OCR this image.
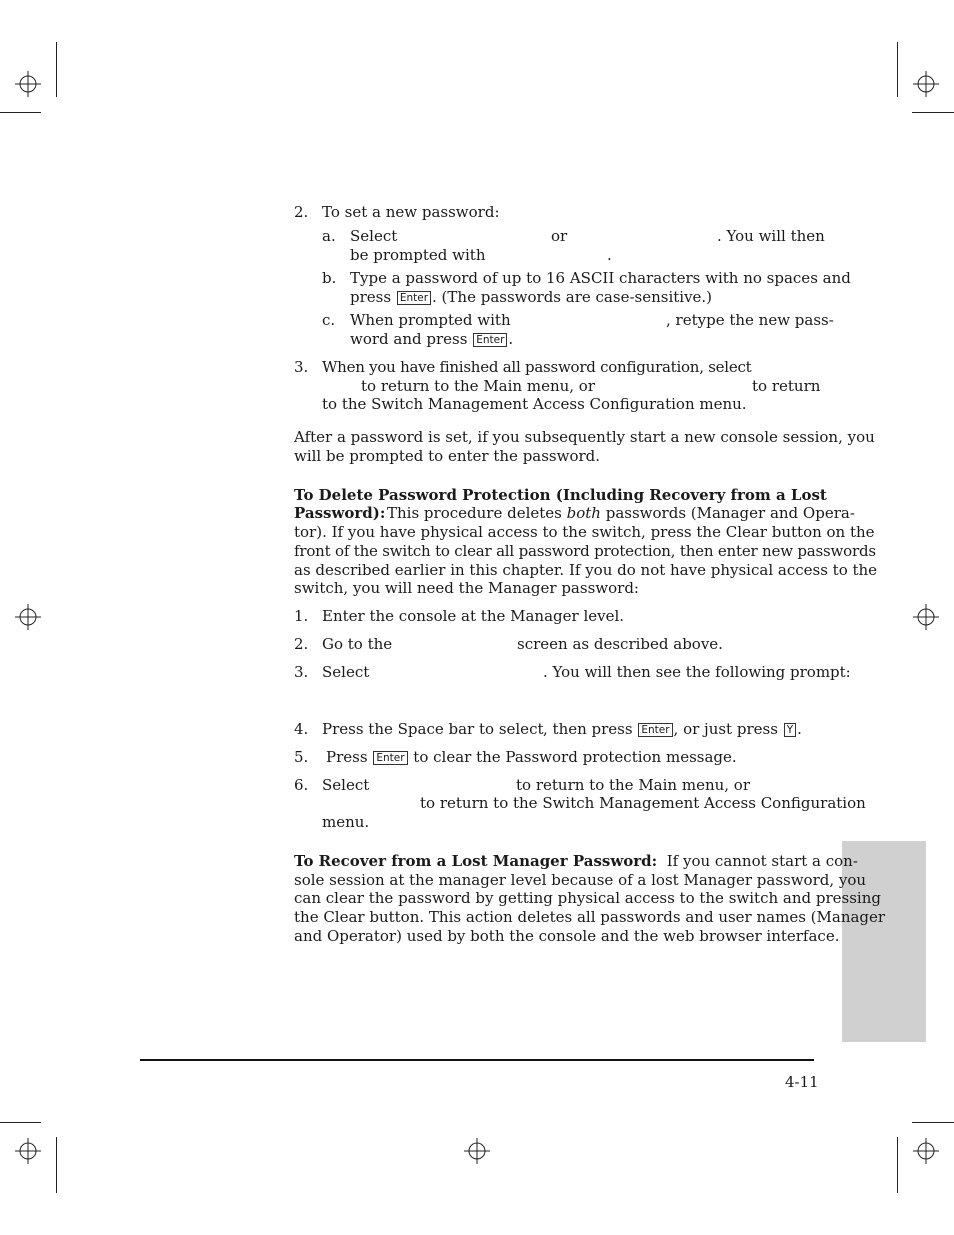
2. To set a new password:
a. Select	or	. You will then
be prompted with	.
b. Type a password of up to 16 ASCII characters with no spaces and
press Enter . (The passwords are case-sensitive.)
c. When prompted with	, retype the new pass-
word and press Enter .
3. When you have finished all password configuration, select
to return to the Main menu, or	to return
to the Switch Management Access Configuration menu.
After a password is set, if you subsequently start a new console session, you
will be prompted to enter the password.
To Delete Password Protection (Including Recovery from a Lost
Password): This procedure deletes both passwords (Manager and Opera-
tor). If you have physical access to the switch, press the Clear button on the
front of the switch to clear all password protection, then enter new passwords
as described earlier in this chapter. If you do not have physical access to the
switch, you will need the Manager password:
1. Enter the console at the Manager level.
2. Go to the	screen as described above.
3. Select	. You will then see the following prompt:
4. Press the Space bar to select , then press Enter , or just press Y .
5. Press Enter to clear the Password protection message.
6. Select	to return to the Main menu, or
to return to the Switch Management Access Configuration
menu.
To Recover from a Lost Manager Password: If you cannot start a con-
sole session at the manager level because of a lost Manager password, you
can clear the password by getting physical access to the switch and pressing
the Clear button. This action deletes all passwords and user names (Manager
and Operator) used by both the console and the web browser interface.
4-11
